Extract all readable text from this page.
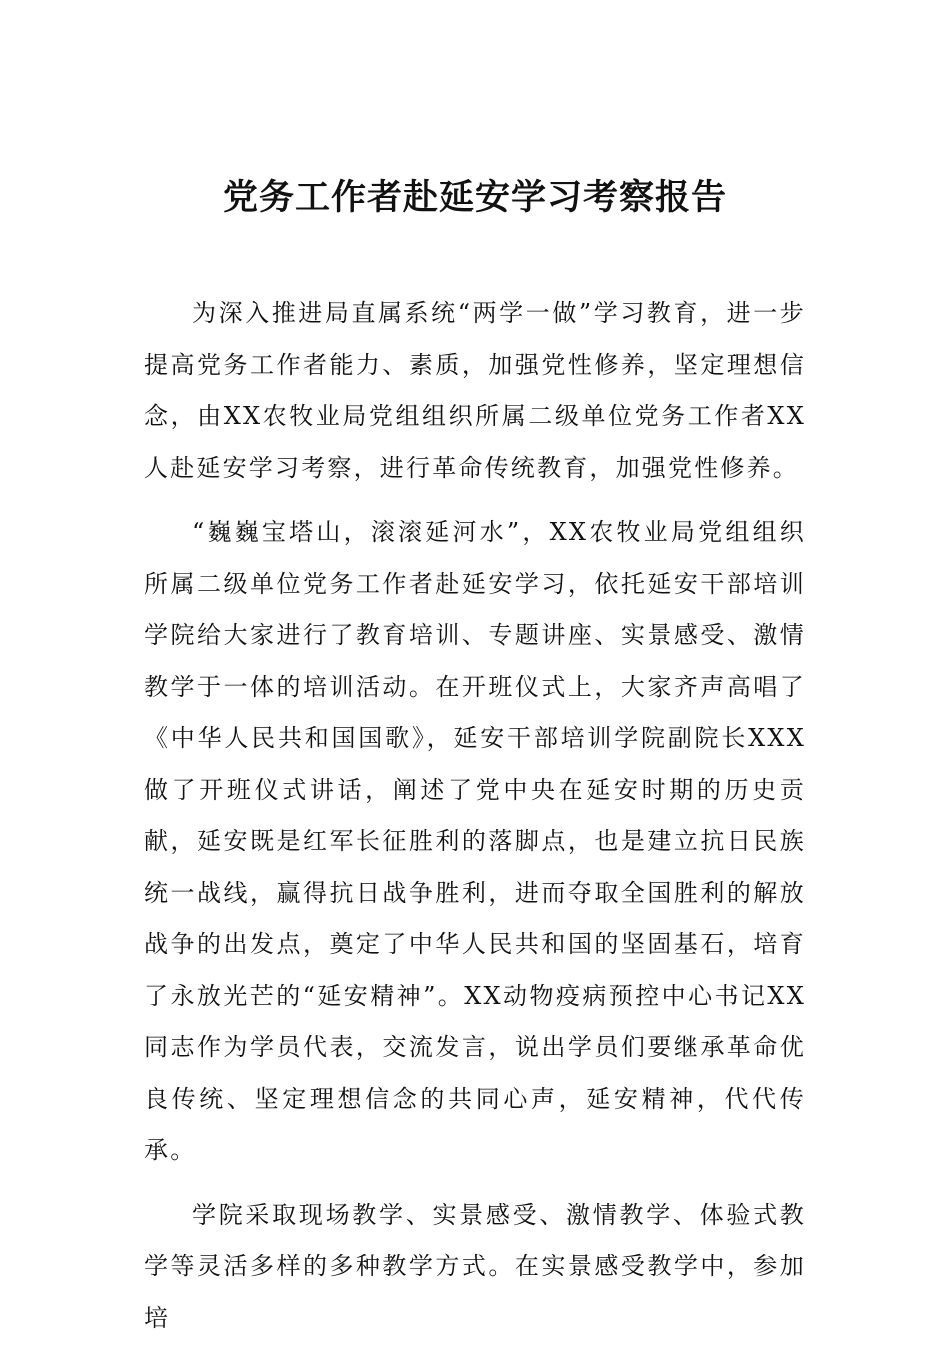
党务工作者赴延安学习考察报告

为深入推进局直属系统“两学一做”学习教育，进一步提高党务工作者能力、素质，加强党性修养，坚定理想信念，由XX农牧业局党组组织所属二级单位党务工作者XX人赴延安学习考察，进行革命传统教育，加强党性修养。

“巍巍宝塔山，滚滚延河水”，XX农牧业局党组组织所属二级单位党务工作者赴延安学习，依托延安干部培训学院给大家进行了教育培训、专题讲座、实景感受、激情教学于一体的培训活动。在开班仪式上，大家齐声高唱了《中华人民共和国国歌》，延安干部培训学院副院长XXX做了开班仪式讲话，阐述了党中央在延安时期的历史贡献，延安既是红军长征胜利的落脚点，也是建立抗日民族统一战线，赢得抗日战争胜利，进而夺取全国胜利的解放战争的出发点，奠定了中华人民共和国的坚固基石，培育了永放光芒的“延安精神”。XX动物疫病预控中心书记XX同志作为学员代表，交流发言，说出学员们要继承革命优良传统、坚定理想信念的共同心声，延安精神，代代传承。

学院采取现场教学、实景感受、激情教学、体验式教学等灵活多样的多种教学方式。在实景感受教学中，参加培
